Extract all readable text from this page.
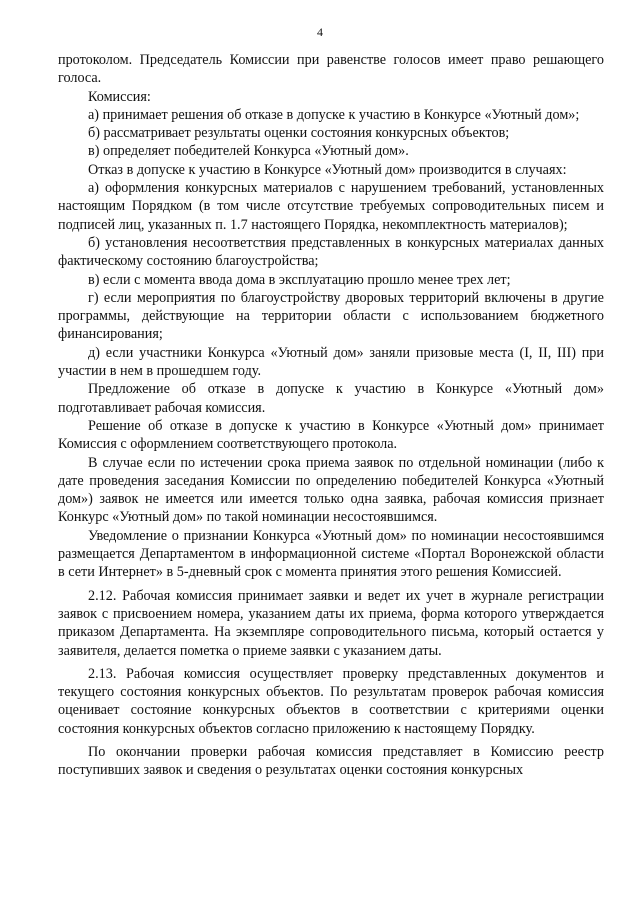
4

протоколом. Председатель Комиссии при равенстве голосов имеет право решающего голоса.

Комиссия:

а) принимает решения об отказе в допуске к участию в Конкурсе «Уютный дом»;

б) рассматривает результаты оценки состояния конкурсных объектов;

в) определяет победителей Конкурса «Уютный дом».

Отказ в допуске к участию в Конкурсе «Уютный дом» производится в случаях:

а) оформления конкурсных материалов с нарушением требований, установленных настоящим Порядком (в том числе отсутствие требуемых сопроводительных писем и подписей лиц, указанных п. 1.7 настоящего Порядка, некомплектность материалов);

б) установления несоответствия представленных в конкурсных материалах данных фактическому состоянию благоустройства;

в) если с момента ввода дома в эксплуатацию прошло менее трех лет;

г) если мероприятия по благоустройству дворовых территорий включены в другие программы, действующие на территории области с использованием бюджетного финансирования;

д) если участники Конкурса «Уютный дом» заняли призовые места (I, II, III) при участии в нем в прошедшем году.

Предложение об отказе в допуске к участию в Конкурсе «Уютный дом» подготавливает рабочая комиссия.

Решение об отказе в допуске к участию в Конкурсе «Уютный дом» принимает Комиссия с оформлением соответствующего протокола.

В случае если по истечении срока приема заявок по отдельной номинации (либо к дате проведения заседания Комиссии по определению победителей Конкурса «Уютный дом») заявок не имеется или имеется только одна заявка, рабочая комиссия признает Конкурс «Уютный дом» по такой номинации несостоявшимся.

Уведомление о признании Конкурса «Уютный дом» по номинации несостоявшимся размещается Департаментом в информационной системе «Портал Воронежской области в сети Интернет» в 5-дневный срок с момента принятия этого решения Комиссией.

2.12. Рабочая комиссия принимает заявки и ведет их учет в журнале регистрации заявок с присвоением номера, указанием даты их приема, форма которого утверждается приказом Департамента. На экземпляре сопроводительного письма, который остается у заявителя, делается пометка о приеме заявки с указанием даты.

2.13. Рабочая комиссия осуществляет проверку представленных документов и текущего состояния конкурсных объектов. По результатам проверок рабочая комиссия оценивает состояние конкурсных объектов в соответствии с критериями оценки состояния конкурсных объектов согласно приложению к настоящему Порядку.

По окончании проверки рабочая комиссия представляет в Комиссию реестр поступивших заявок и сведения о результатах оценки состояния конкурсных
